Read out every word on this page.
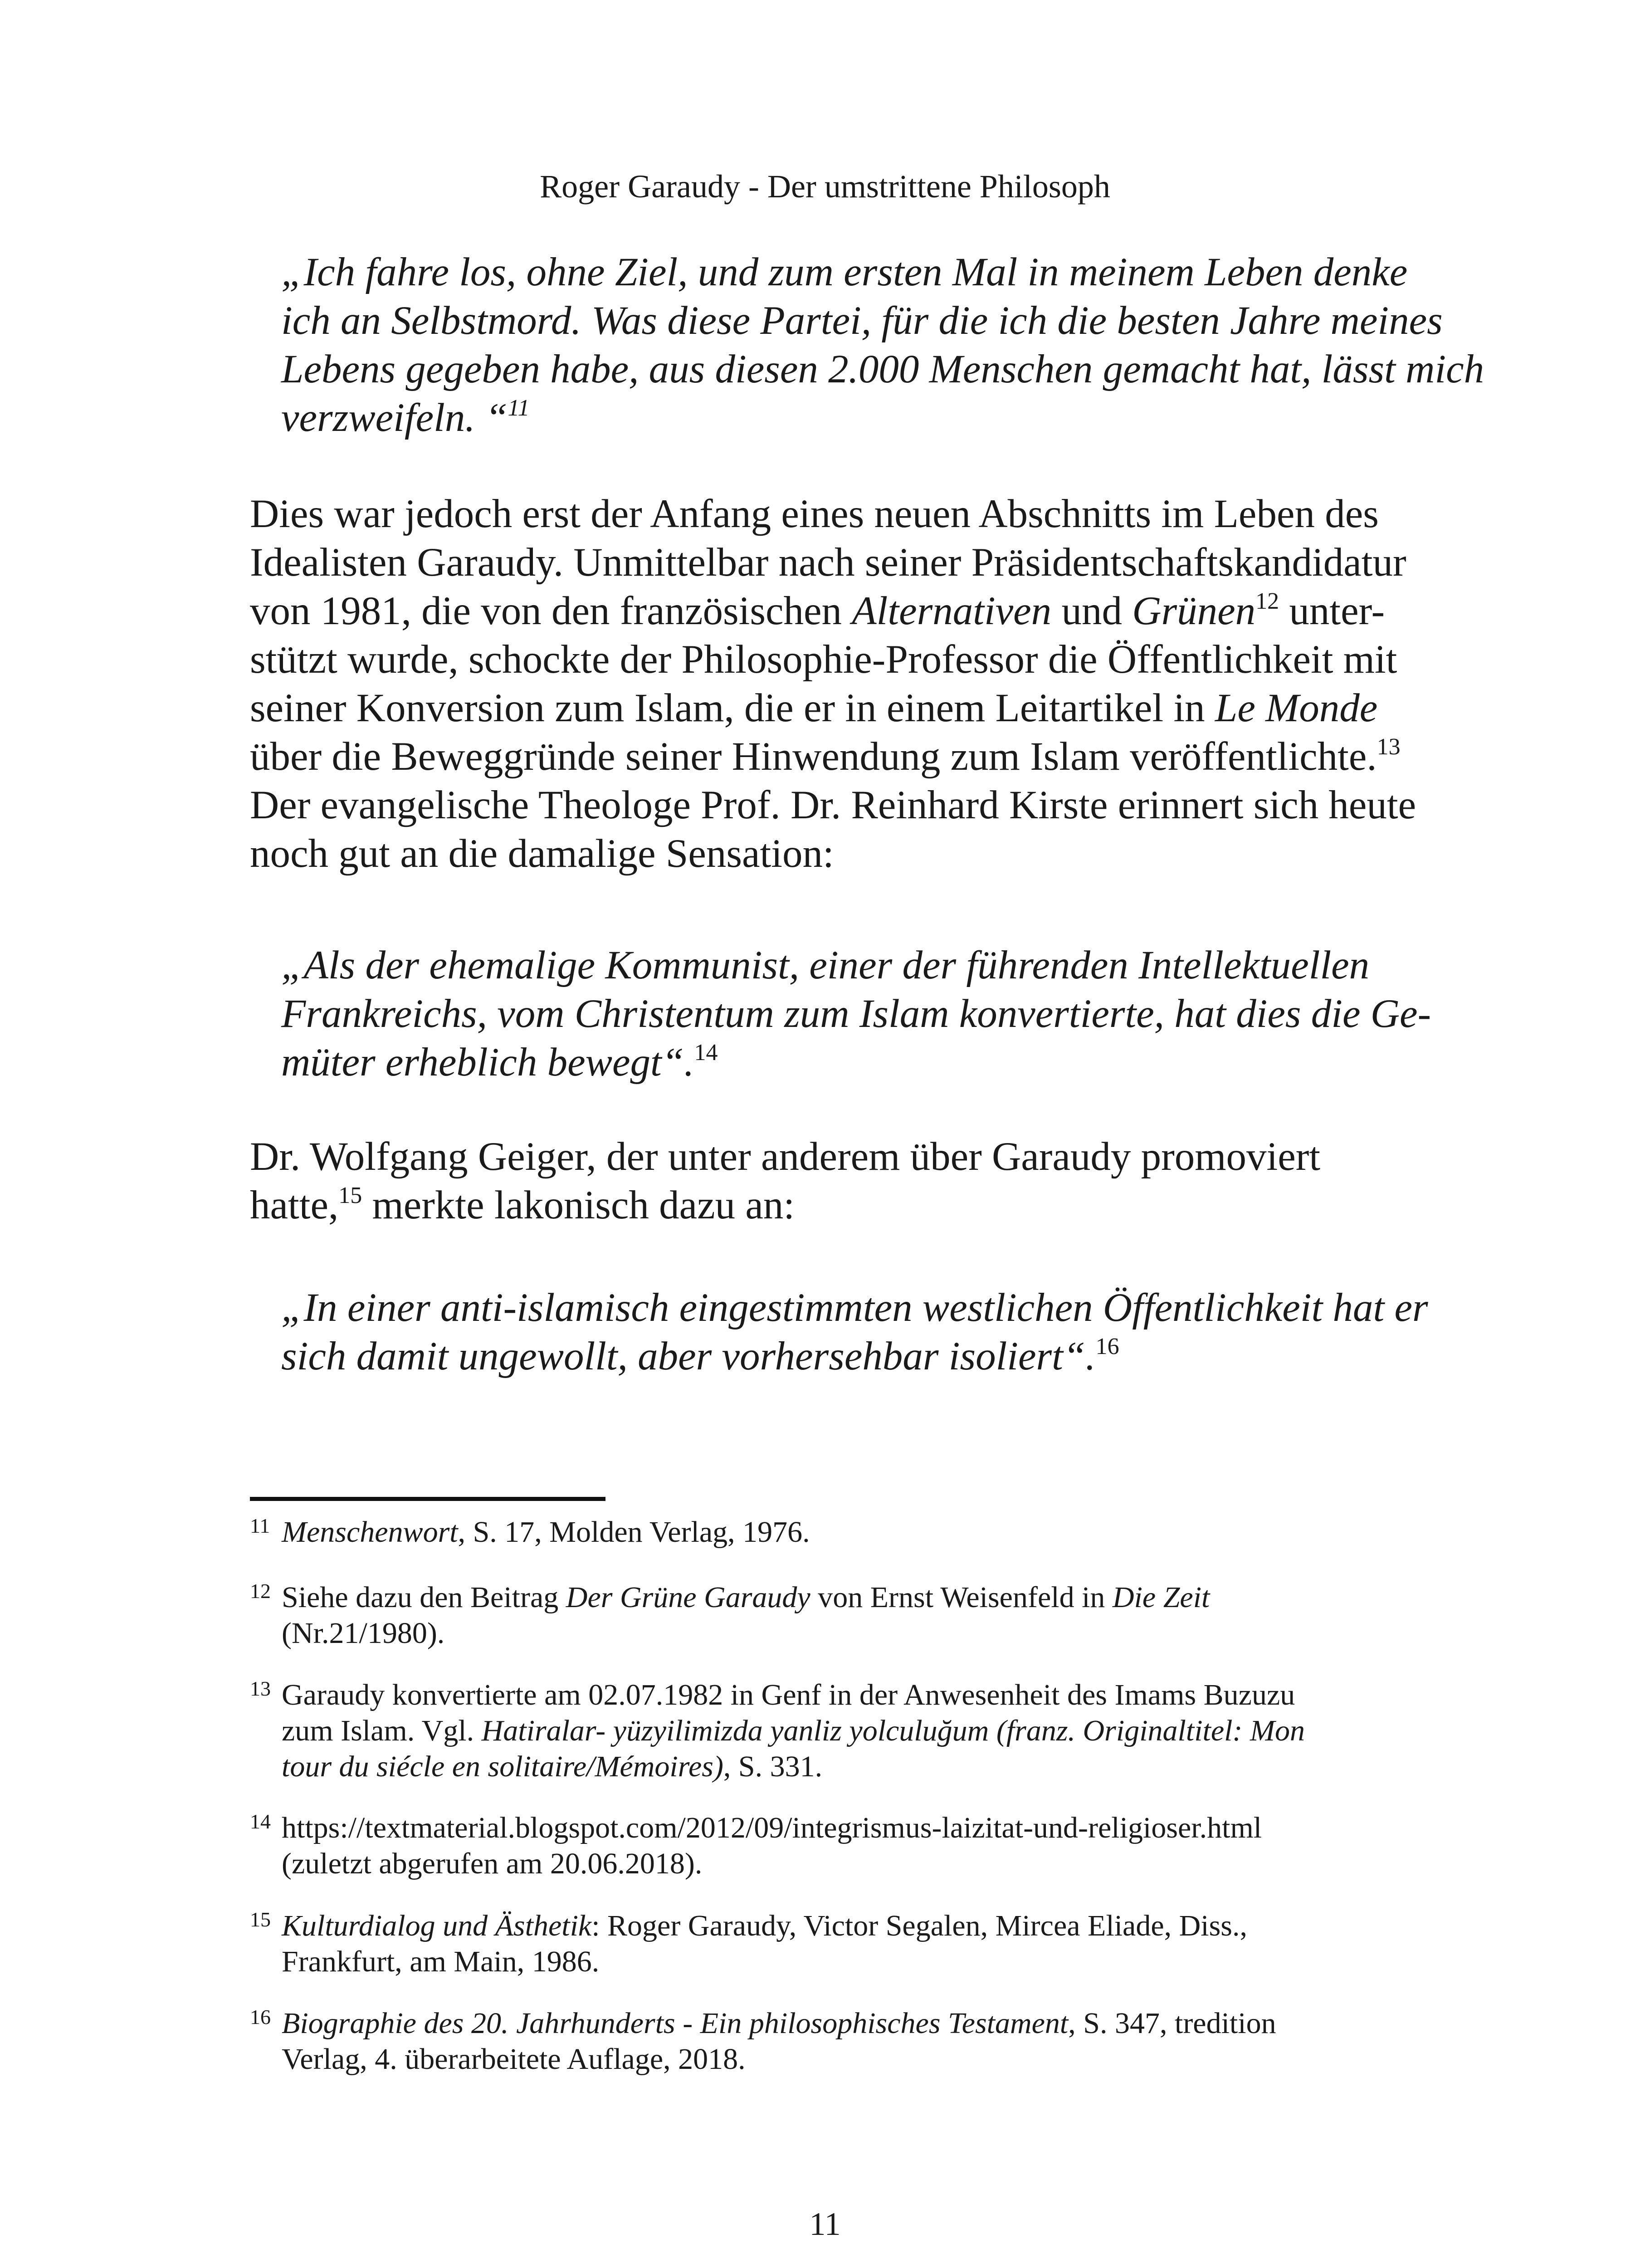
Roger Garaudy - Der umstrittene Philosoph
„Ich fahre los, ohne Ziel, und zum ersten Mal in meinem Leben denke
ich an Selbstmord. Was diese Partei, für die ich die besten Jahre meines
Lebens gegeben habe, aus diesen 2.000 Menschen gemacht hat, lässt mich
verzweifeln. “$^{11}$
Dies war jedoch erst der Anfang eines neuen Abschnitts im Leben des
Idealisten Garaudy. Unmittelbar nach seiner Präsidentschaftskandidatur
von 1981, die von den französischen Alternativen und Grünen$^{12}$ unter-
stützt wurde, schockte der Philosophie-Professor die Öffentlichkeit mit
seiner Konversion zum Islam, die er in einem Leitartikel in Le Monde
über die Beweggründe seiner Hinwendung zum Islam veröffentlichte.$^{13}$
Der evangelische Theologe Prof. Dr. Reinhard Kirste erinnert sich heute
noch gut an die damalige Sensation:
„Als der ehemalige Kommunist, einer der führenden Intellektuellen
Frankreichs, vom Christentum zum Islam konvertierte, hat dies die Ge-
müter erheblich bewegt“.$^{14}$
Dr. Wolfgang Geiger, der unter anderem über Garaudy promoviert
hatte,$^{15}$ merkte lakonisch dazu an:
„In einer anti-islamisch eingestimmten westlichen Öffentlichkeit hat er
sich damit ungewollt, aber vorhersehbar isoliert“.$^{16}$
11 Menschenwort, S. 17, Molden Verlag, 1976.
12 Siehe dazu den Beitrag Der Grüne Garaudy von Ernst Weisenfeld in Die Zeit
(Nr.21/1980).
13 Garaudy konvertierte am 02.07.1982 in Genf in der Anwesenheit des Imams Buzuzu
zum Islam. Vgl. Hatiralar- yüzyilimizda yanliz yolculuğum (franz. Originaltitel: Mon
tour du siécle en solitaire/Mémoires), S. 331.
14 https://textmaterial.blogspot.com/2012/09/integrismus-laizitat-und-religioser.html
(zuletzt abgerufen am 20.06.2018).
15 Kulturdialog und Ästhetik: Roger Garaudy, Victor Segalen, Mircea Eliade, Diss.,
Frankfurt, am Main, 1986.
16 Biographie des 20. Jahrhunderts - Ein philosophisches Testament, S. 347, tredition
Verlag, 4. überarbeitete Auflage, 2018.
11
